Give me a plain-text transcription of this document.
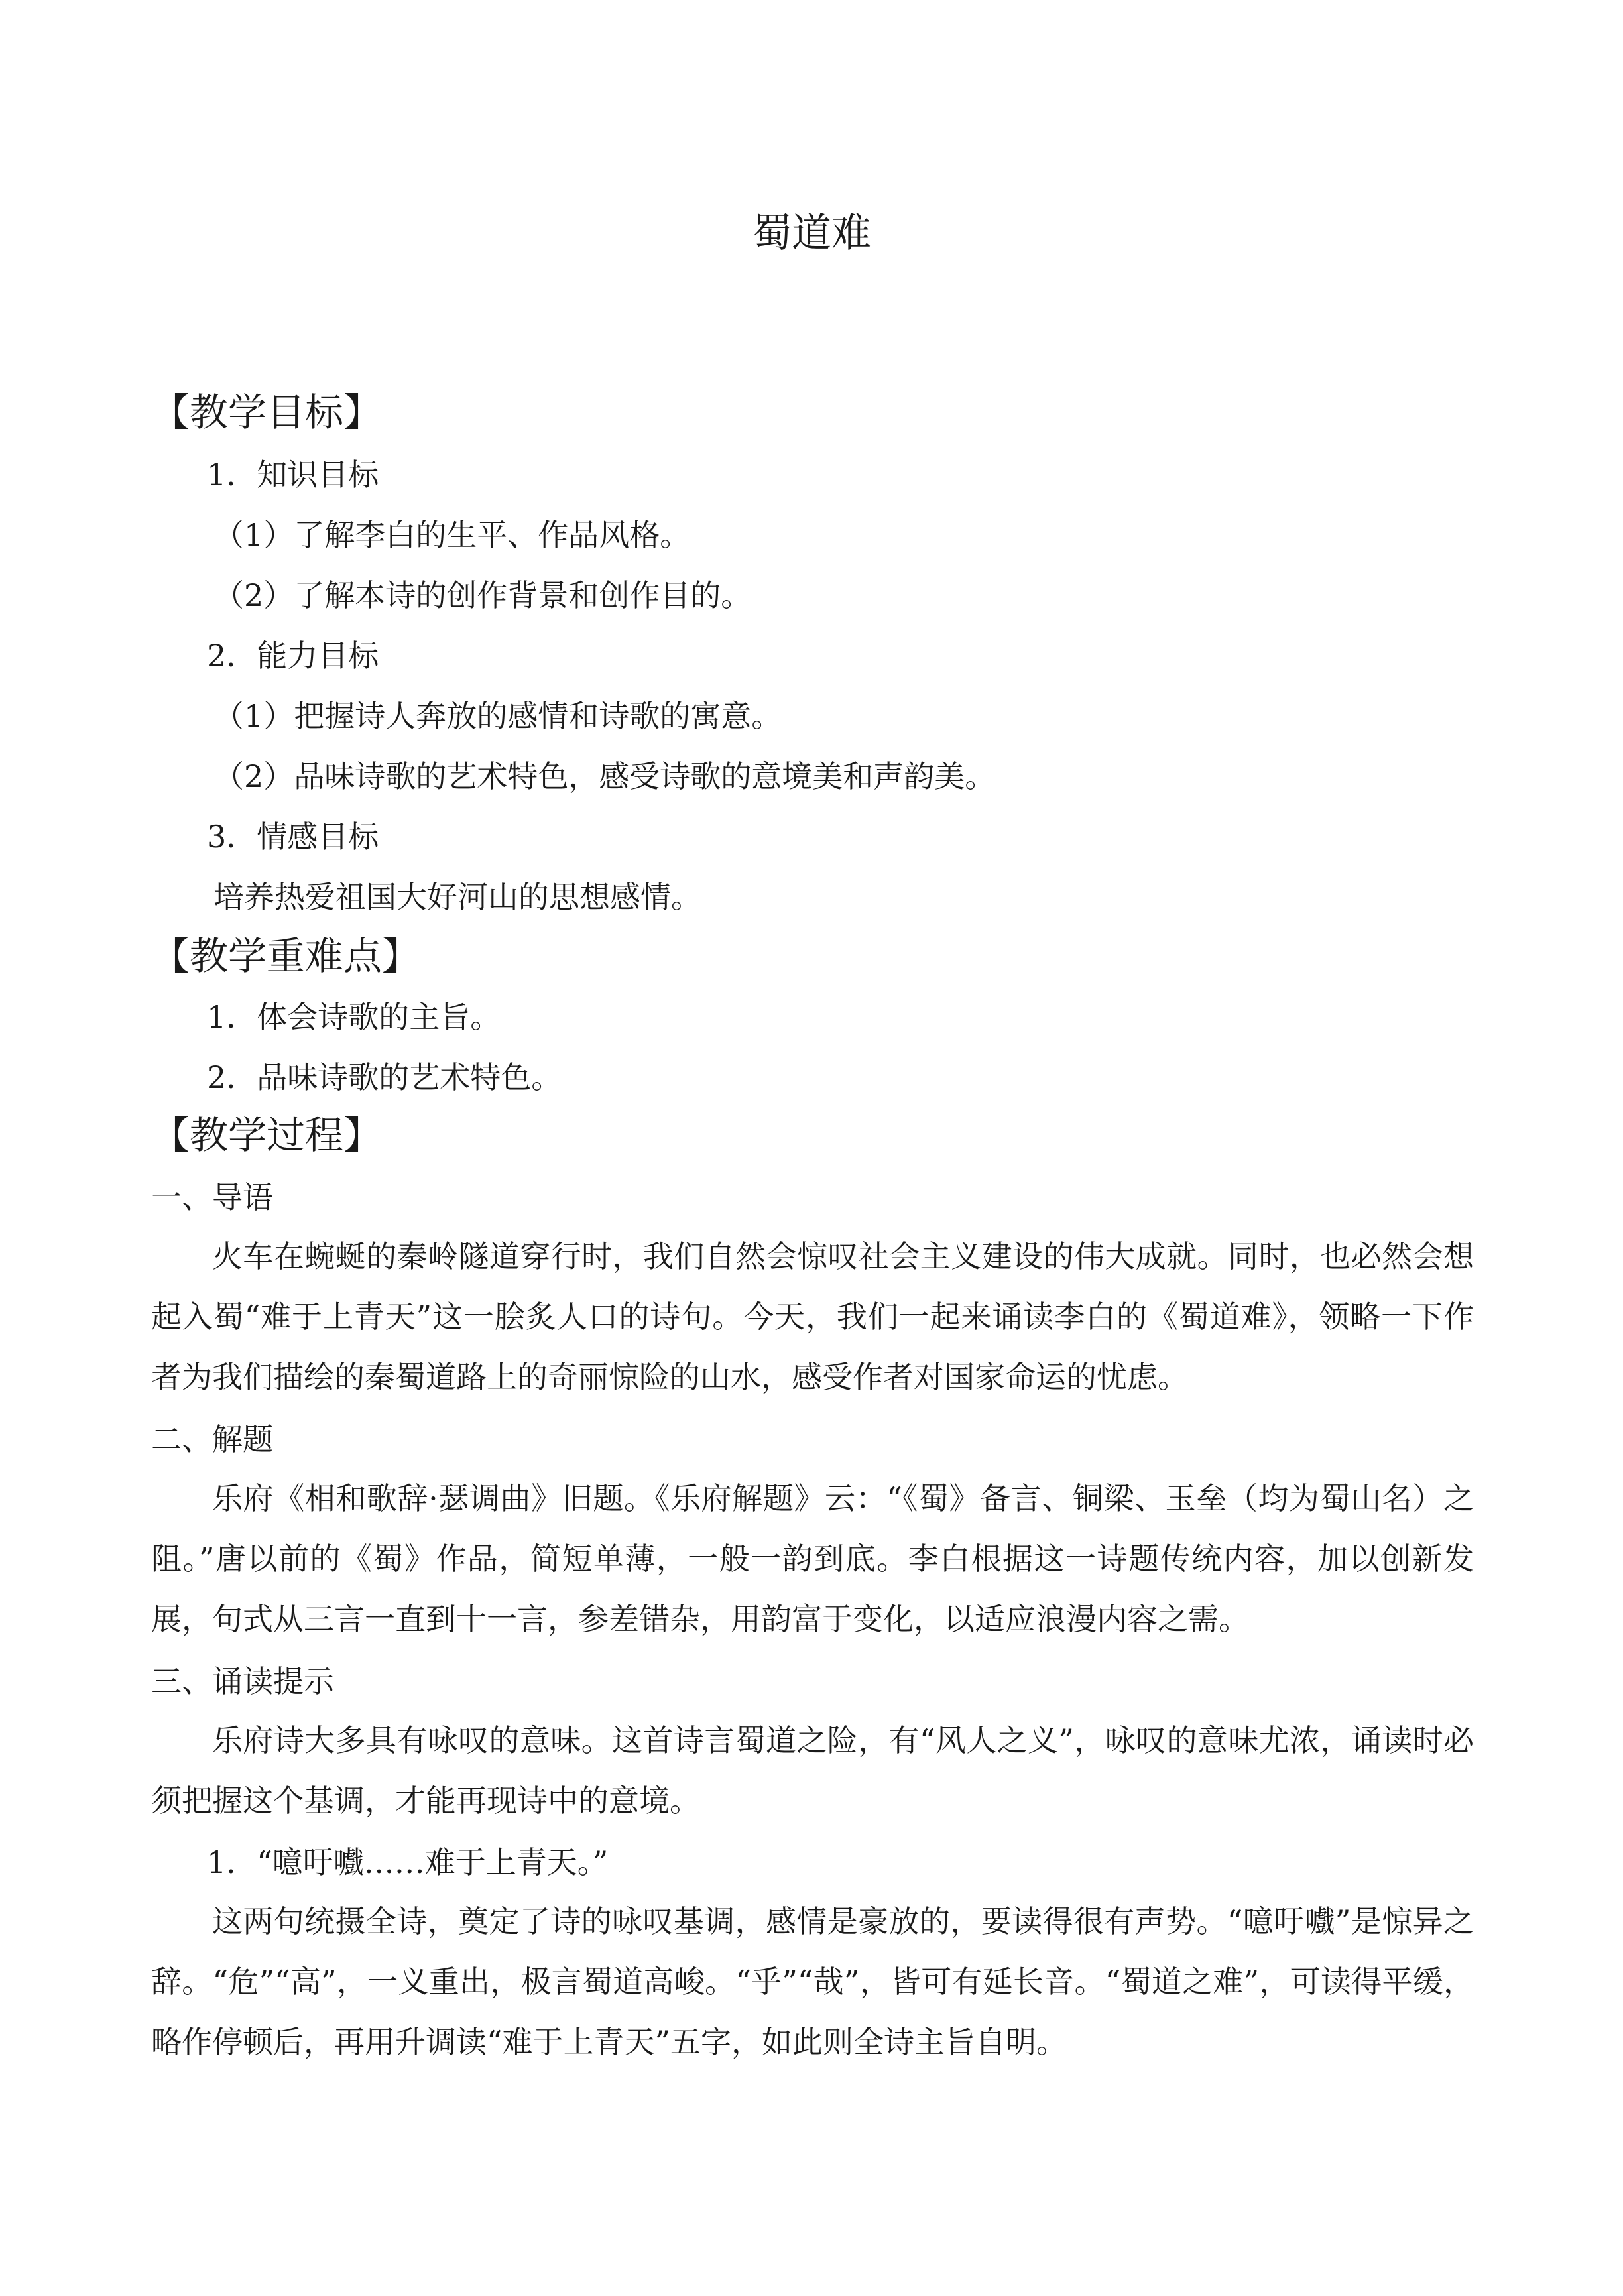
蜀道难
【教学目标】
1．知识目标
（1）了解李白的生平、作品风格。
（2）了解本诗的创作背景和创作目的。
2．能力目标
（1）把握诗人奔放的感情和诗歌的寓意。
（2）品味诗歌的艺术特色，感受诗歌的意境美和声韵美。
3．情感目标
培养热爱祖国大好河山的思想感情。
【教学重难点】
1．体会诗歌的主旨。
2．品味诗歌的艺术特色。
【教学过程】
一、导语
火车在蜿蜒的秦岭隧道穿行时，我们自然会惊叹社会主义建设的伟大成就。同时，也必然会想起入蜀“难于上青天”这一脍炙人口的诗句。今天，我们一起来诵读李白的《蜀道难》，领略一下作者为我们描绘的秦蜀道路上的奇丽惊险的山水，感受作者对国家命运的忧虑。
二、解题
乐府《相和歌辞·瑟调曲》旧题。《乐府解题》云：“《蜀》备言、铜梁、玉垒（均为蜀山名）之阻。”唐以前的《蜀》作品，简短单薄，一般一韵到底。李白根据这一诗题传统内容，加以创新发展，句式从三言一直到十一言，参差错杂，用韵富于变化，以适应浪漫内容之需。
三、诵读提示
乐府诗大多具有咏叹的意味。这首诗言蜀道之险，有“风人之义”，咏叹的意味尤浓，诵读时必须把握这个基调，才能再现诗中的意境。
1．“噫吁嚱……难于上青天。”
这两句统摄全诗，奠定了诗的咏叹基调，感情是豪放的，要读得很有声势。“噫吁嚱”是惊异之辞。“危”“高”，一义重出，极言蜀道高峻。“乎”“哉”，皆可有延长音。“蜀道之难”，可读得平缓，略作停顿后，再用升调读“难于上青天”五字，如此则全诗主旨自明。
